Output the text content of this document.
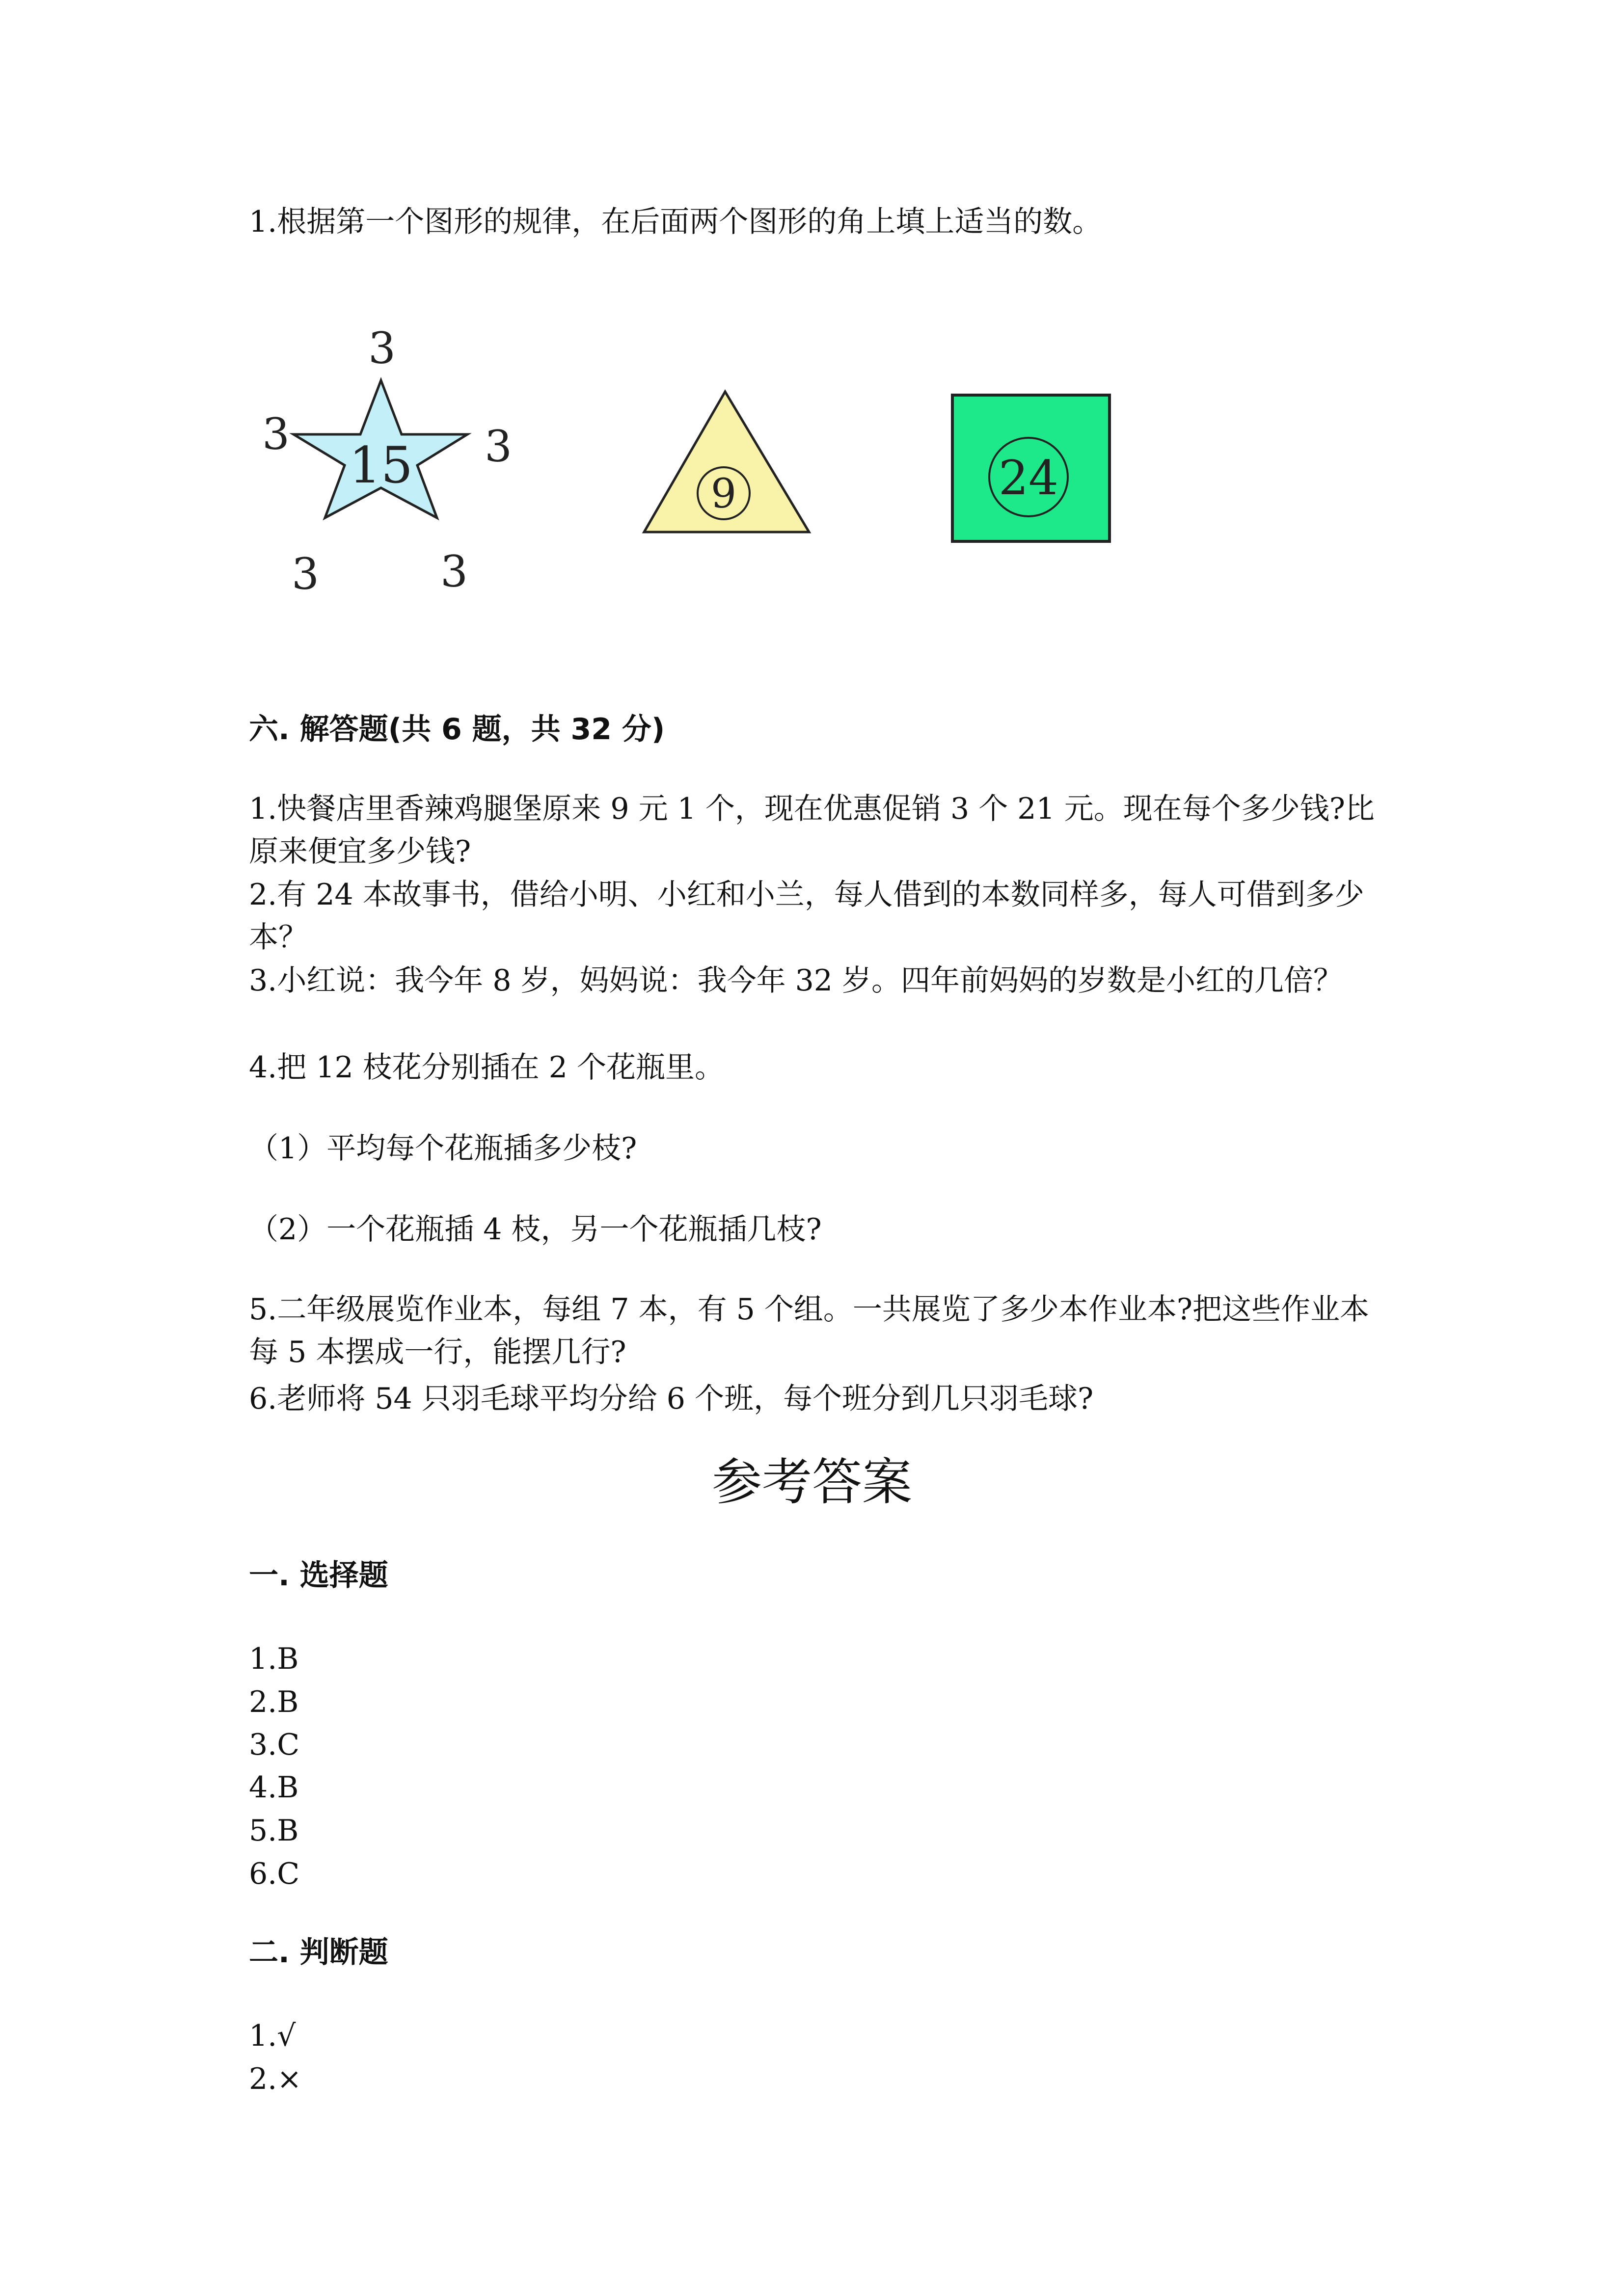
1.根据第一个图形的规律，在后面两个图形的角上填上适当的数。
15
3
3	3
3	3
9	24
六. 解答题(共 6 题，共 32 分)
1.快餐店里香辣鸡腿堡原来 9 元 1 个，现在优惠促销 3 个 21 元。现在每个多少钱?比原来便宜多少钱?
2.有 24 本故事书，借给小明、小红和小兰，每人借到的本数同样多，每人可借到多少本？
3.小红说：我今年 8 岁，妈妈说：我今年 32 岁。四年前妈妈的岁数是小红的几倍？
4.把 12 枝花分别插在 2 个花瓶里。
（1）平均每个花瓶插多少枝?
（2）一个花瓶插 4 枝，另一个花瓶插几枝?
5.二年级展览作业本，每组 7 本，有 5 个组。一共展览了多少本作业本?把这些作业本每 5 本摆成一行，能摆几行?
6.老师将 54 只羽毛球平均分给 6 个班，每个班分到几只羽毛球?
参考答案
一. 选择题
1.B
2.B
3.C
4.B
5.B
6.C
二. 判断题
1.√
2.×
